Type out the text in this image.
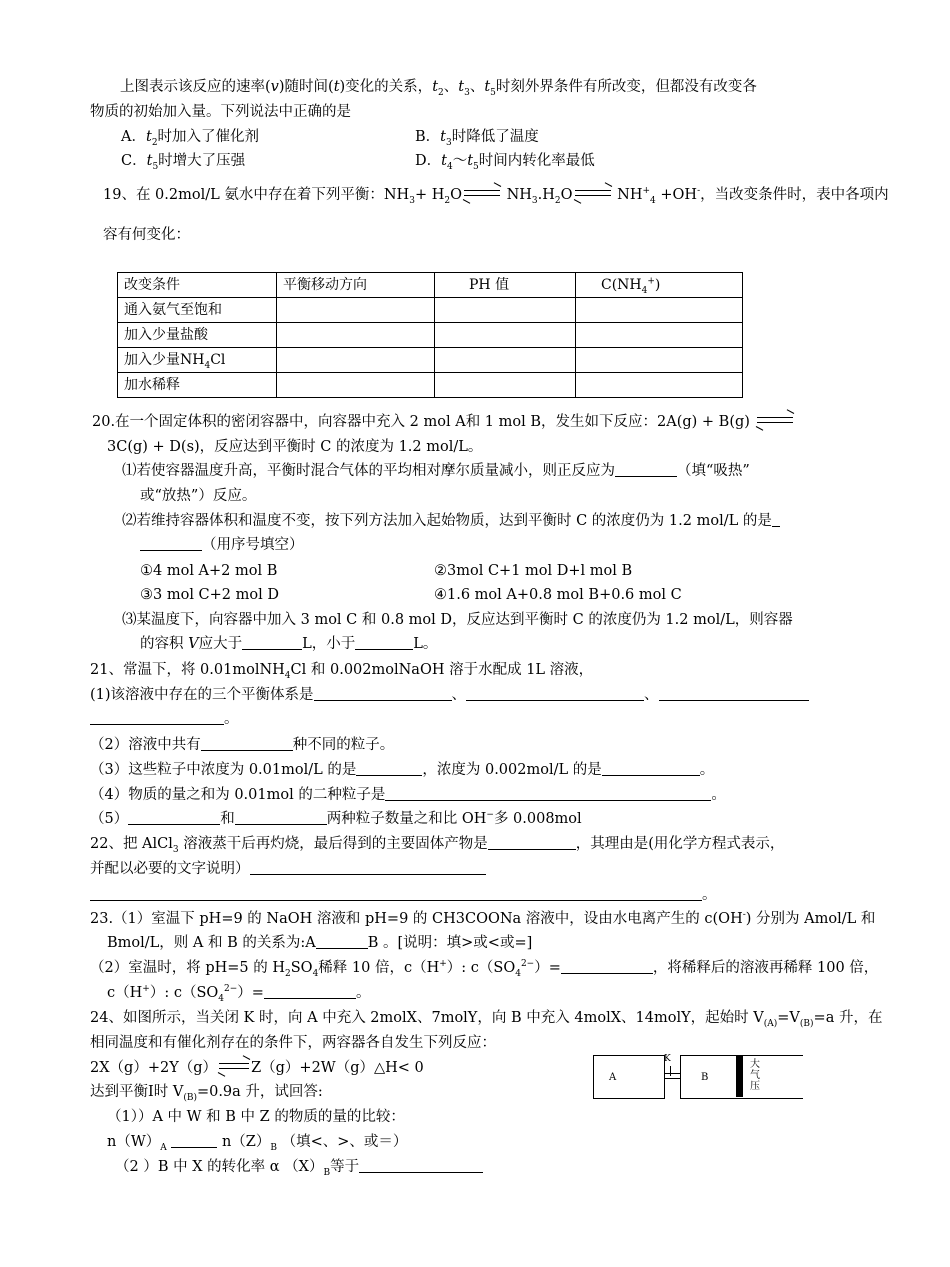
上图表示该反应的速率(v)随时间(t)变化的关系，$t_2$、$t_3$、$t_5$时刻外界条件有所改变，但都没有改变各
物质的初始加入量。下列说法中正确的是
A．$t_2$时加入了催化剂	B．$t_3$时降低了温度
C．$t_5$时增大了压强	D．$t_4\sim t_5$时间内转化率最低
19、在 0.2mol/L 氨水中存在着下列平衡：$NH_3+ H_2O$	$NH_3.H_2O$	$NH^+_4 +OH^-$，当改变条件时，表中各项内
容有何变化：
改变条件	平衡移动方向	PH 值	$C(NH_4^+)$
通入氨气至饱和			
加入少量盐酸			
加入少量$NH_4Cl$			
加水稀释			
20.在一个固定体积的密闭容器中，向容器中充入 2 mol A和 1 mol B，发生如下反应：2A(g) + B(g)
3C(g) + D(s)，反应达到平衡时 C 的浓度为 1.2 mol/L。
⑴若使容器温度升高，平衡时混合气体的平均相对摩尔质量减小，则正反应为	（填“吸热”
或“放热”）反应。
⑵若维持容器体积和温度不变，按下列方法加入起始物质，达到平衡时 C 的浓度仍为 1.2 mol/L 的是
（用序号填空）
①4 mol A+2 mol B	②3mol C+1 mol D+l mol B
③3 mol C+2 mol D	④1.6 mol A+0.8 mol B+0.6 mol C
⑶某温度下，向容器中加入 3 mol C 和 0.8 mol D，反应达到平衡时 C 的浓度仍为 1.2 mol/L，则容器
的容积 V应大于	L，小于	L。
21、常温下，将 0.01molNH$_4$Cl 和 0.002molNaOH 溶于水配成 1L 溶液，
(1)该溶液中存在的三个平衡体系是	、	、
。
（2）溶液中共有	种不同的粒子。
（3）这些粒子中浓度为 0.01mol/L 的是	，浓度为 0.002mol/L 的是	。
（4）物质的量之和为 0.01mol 的二种粒子是	。
（5）	和	两种粒子数量之和比 OH−多 0.008mol
22、把 AlCl$_3$ 溶液蒸干后再灼烧，最后得到的主要固体产物是	，其理由是(用化学方程式表示，
并配以必要的文字说明）
。
23.（1）室温下 pH=9 的 NaOH 溶液和 pH=9 的 CH3COONa 溶液中，设由水电离产生的 c(OH-) 分别为 Amol/L 和
Bmol/L，则 A 和 B 的关系为:A	B 。[说明：填>或<或=]
（2）室温时，将 pH=5 的 $H_2SO_4$稀释 10 倍，c（H+）: $c(SO_4^{2-})=$	，将稀释后的溶液再稀释 100 倍，
c（H+）: $c(SO_4^{2-})=$	。
24、如图所示，当关闭 K 时，向 A 中充入 2molX、7molY，向 B 中充入 4molX、14molY，起始时 $V_{(A)}=V_{(B)}=a$ 升，在
相同温度和有催化剂存在的条件下，两容器各自发生下列反应：
2X（g）+2Y（g） Z（g）+2W（g）△H< 0
达到平衡Ⅰ时 $V_{(B)}=0.9a$ 升，试回答:
（1））A 中 W 和 B 中 Z 的物质的量的比较：
$n(W)_A$	$n(Z)_B$ （填<、>、或＝）
（2 ）B 中 X 的转化率 α $(X)_B$等于
A
K
B
大
气
压
